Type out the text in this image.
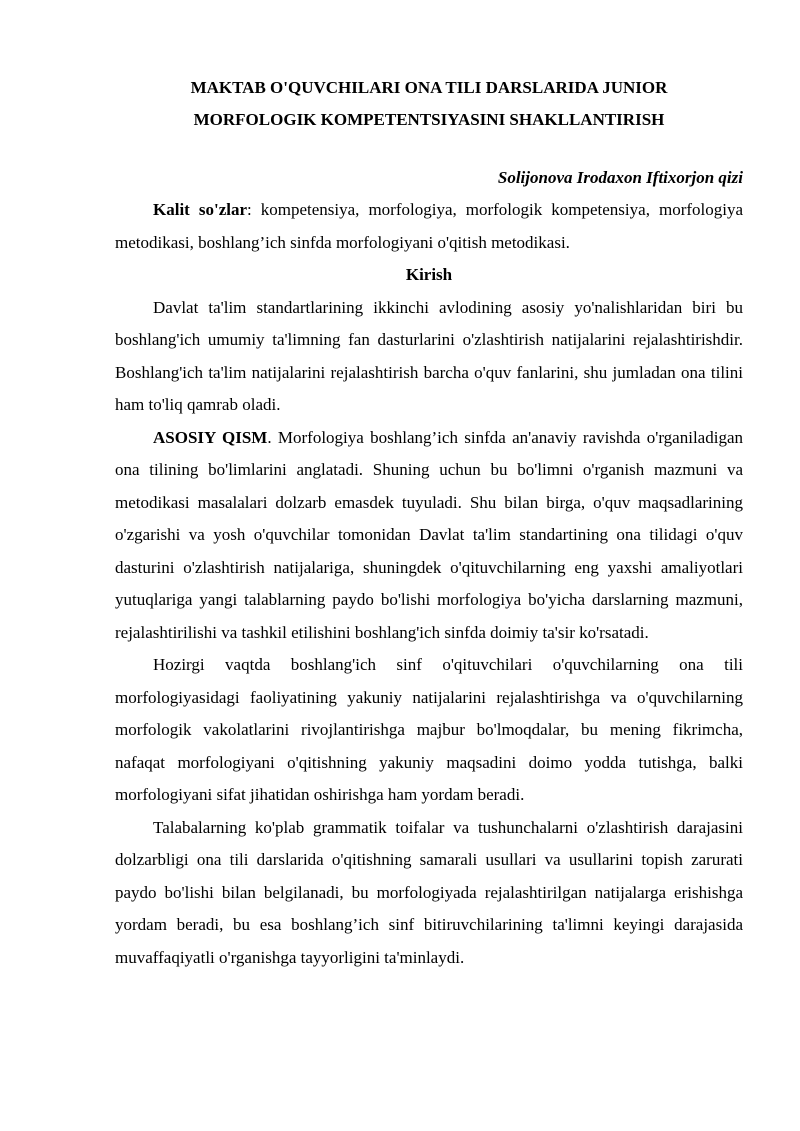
MAKTAB O'QUVCHILARI ONA TILI DARSLARIDA JUNIOR
MORFOLOGIK KOMPETENTSIYASINI SHAKLLANTIRISH
Solijonova Irodaxon Iftixorjon qizi

Kalit so'zlar: kompetensiya, morfologiya, morfologik kompetensiya, morfologiya metodikasi, boshlang’ich sinfda morfologiyani o'qitish metodikasi.

Kirish

Davlat ta'lim standartlarining ikkinchi avlodining asosiy yo'nalishlaridan biri bu boshlang'ich umumiy ta'limning fan dasturlarini o'zlashtirish natijalarini rejalashtirishdir. Boshlang'ich ta'lim natijalarini rejalashtirish barcha o'quv fanlarini, shu jumladan ona tilini ham to'liq qamrab oladi.

ASOSIY QISM. Morfologiya boshlang’ich sinfda an'anaviy ravishda o'rganiladigan ona tilining bo'limlarini anglatadi. Shuning uchun bu bo'limni o'rganish mazmuni va metodikasi masalalari dolzarb emasdek tuyuladi. Shu bilan birga, o'quv maqsadlarining o'zgarishi va yosh o'quvchilar tomonidan Davlat ta'lim standartining ona tilidagi o'quv dasturini o'zlashtirish natijalariga, shuningdek o'qituvchilarning eng yaxshi amaliyotlari yutuqlariga yangi talablarning paydo bo'lishi morfologiya bo'yicha darslarning mazmuni, rejalashtirilishi va tashkil etilishini boshlang'ich sinfda doimiy ta'sir ko'rsatadi.

Hozirgi vaqtda boshlang'ich sinf o'qituvchilari o'quvchilarning ona tili morfologiyasidagi faoliyatining yakuniy natijalarini rejalashtirishga va o'quvchilarning morfologik vakolatlarini rivojlantirishga majbur bo'lmoqdalar, bu mening fikrimcha, nafaqat morfologiyani o'qitishning yakuniy maqsadini doimo yodda tutishga, balki morfologiyani sifat jihatidan oshirishga ham yordam beradi.

Talabalarning ko'plab grammatik toifalar va tushunchalarni o'zlashtirish darajasini dolzarbligi ona tili darslarida o'qitishning samarali usullari va usullarini topish zarurati paydo bo'lishi bilan belgilanadi, bu morfologiyada rejalashtirilgan natijalarga erishishga yordam beradi, bu esa boshlang’ich sinf bitiruvchilarining ta'limni keyingi darajasida muvaffaqiyatli o'rganishga tayyorligini ta'minlaydi.
